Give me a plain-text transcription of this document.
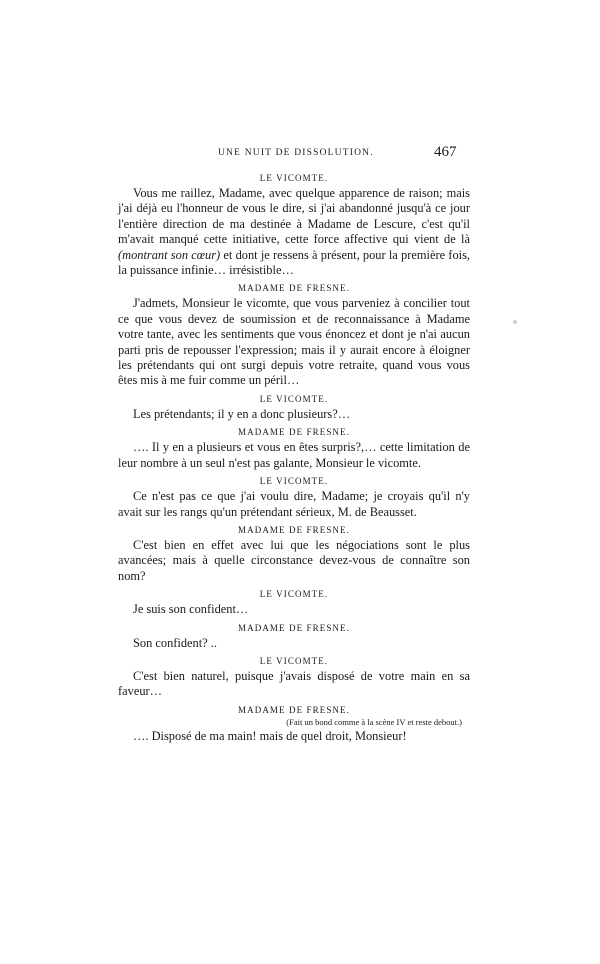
UNE NUIT DE DISSOLUTION.	467
LE VICOMTE.

Vous me raillez, Madame, avec quelque apparence de raison; mais j'ai déjà eu l'honneur de vous le dire, si j'ai abandonné jusqu'à ce jour l'entière direction de ma destinée à Madame de Lescure, c'est qu'il m'avait manqué cette initiative, cette force affective qui vient de là (montrant son cœur) et dont je ressens à présent, pour la première fois, la puissance infinie… irrésistible…

MADAME DE FRESNE.

J'admets, Monsieur le vicomte, que vous parveniez à concilier tout ce que vous devez de soumission et de reconnaissance à Madame votre tante, avec les sentiments que vous énoncez et dont je n'ai aucun parti pris de repousser l'expression; mais il y aurait encore à éloigner les prétendants qui ont surgi depuis votre retraite, quand vous vous êtes mis à me fuir comme un péril…

LE VICOMTE.

Les prétendants; il y en a donc plusieurs?…

MADAME DE FRESNE.

…. Il y en a plusieurs et vous en êtes surpris?,… cette limitation de leur nombre à un seul n'est pas galante, Monsieur le vicomte.

LE VICOMTE.

Ce n'est pas ce que j'ai voulu dire, Madame; je croyais qu'il n'y avait sur les rangs qu'un prétendant sérieux, M. de Beausset.

MADAME DE FRESNE.

C'est bien en effet avec lui que les négociations sont le plus avancées; mais à quelle circonstance devez-vous de connaître son nom?

LE VICOMTE.

Je suis son confident…

MADAME DE FRESNE.

Son confident? ..

LE VICOMTE.

C'est bien naturel, puisque j'avais disposé de votre main en sa faveur…

MADAME DE FRESNE.
(Fait un bond comme à la scène IV et reste debout.)

…. Disposé de ma main! mais de quel droit, Monsieur!
